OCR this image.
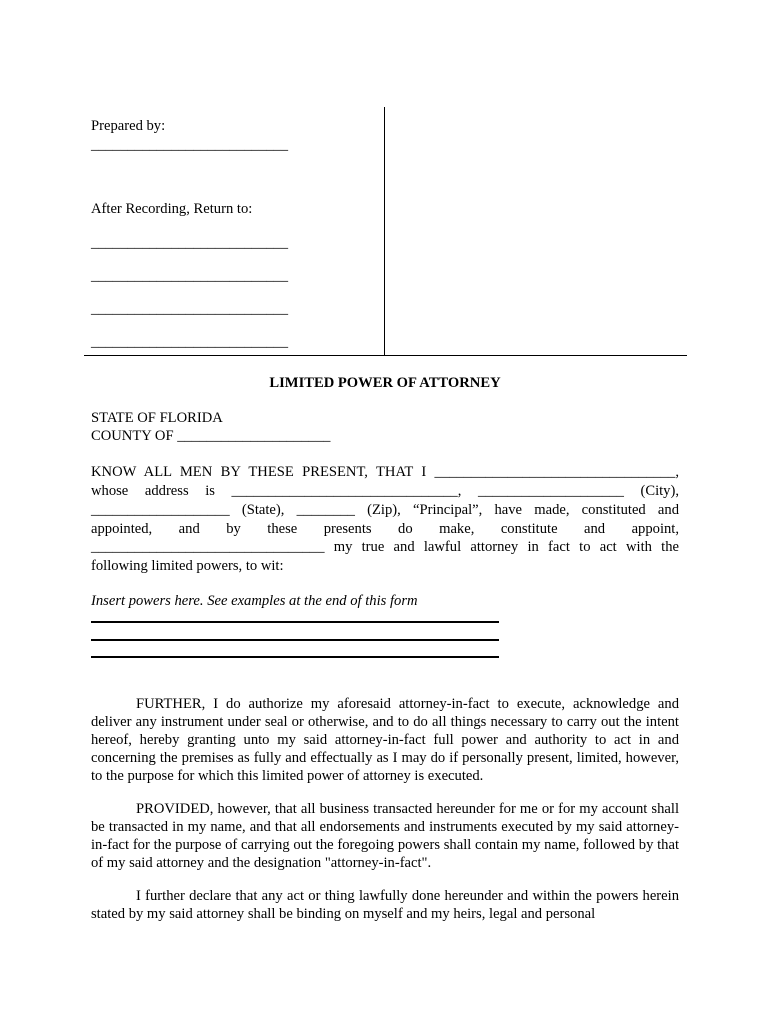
Prepared by:
___________________________
After Recording, Return to:
___________________________
___________________________
___________________________
___________________________
LIMITED POWER OF ATTORNEY
STATE OF FLORIDA
COUNTY OF _____________________
KNOW ALL MEN BY THESE PRESENT, THAT I _________________________________,
whose address is _______________________________, ____________________ (City),
___________________ (State), ________ (Zip), “Principal”, have made, constituted and
appointed, and by these presents do make, constitute and appoint,
________________________________ my true and lawful attorney in fact to act with the
following limited powers, to wit:
Insert powers here. See examples at the end of this form
FURTHER, I do authorize my aforesaid attorney-in-fact to execute, acknowledge and deliver any instrument under seal or otherwise, and to do all things necessary to carry out the intent hereof, hereby granting unto my said attorney-in-fact full power and authority to act in and concerning the premises as fully and effectually as I may do if personally present, limited, however, to the purpose for which this limited power of attorney is executed.
PROVIDED, however, that all business transacted hereunder for me or for my account shall be transacted in my name, and that all endorsements and instruments executed by my said attorney-in-fact for the purpose of carrying out the foregoing powers shall contain my name, followed by that of my said attorney and the designation "attorney-in-fact".
I further declare that any act or thing lawfully done hereunder and within the powers herein stated by my said attorney shall be binding on myself and my heirs, legal and personal
